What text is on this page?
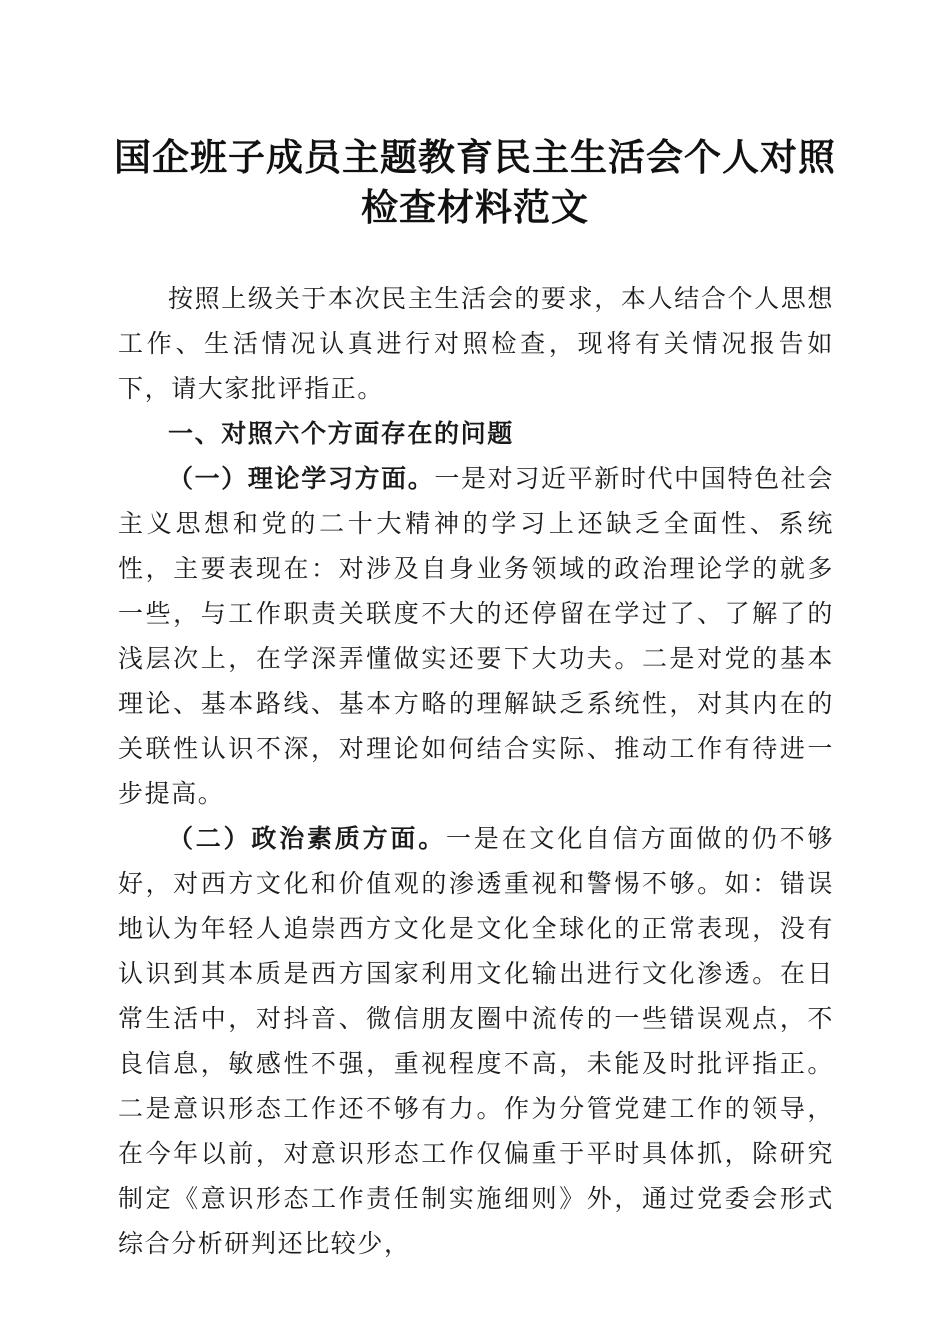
国企班子成员主题教育民主生活会个人对照检查材料范文

按照上级关于本次民主生活会的要求，本人结合个人思想工作、生活情况认真进行对照检查，现将有关情况报告如下，请大家批评指正。

一、对照六个方面存在的问题

（一）理论学习方面。一是对习近平新时代中国特色社会主义思想和党的二十大精神的学习上还缺乏全面性、系统性，主要表现在：对涉及自身业务领域的政治理论学的就多一些，与工作职责关联度不大的还停留在学过了、了解了的浅层次上，在学深弄懂做实还要下大功夫。二是对党的基本理论、基本路线、基本方略的理解缺乏系统性，对其内在的关联性认识不深，对理论如何结合实际、推动工作有待进一步提高。

（二）政治素质方面。一是在文化自信方面做的仍不够好，对西方文化和价值观的渗透重视和警惕不够。如：错误地认为年轻人追崇西方文化是文化全球化的正常表现，没有认识到其本质是西方国家利用文化输出进行文化渗透。在日常生活中，对抖音、微信朋友圈中流传的一些错误观点，不良信息，敏感性不强，重视程度不高，未能及时批评指正。二是意识形态工作还不够有力。作为分管党建工作的领导，在今年以前，对意识形态工作仅偏重于平时具体抓，除研究制定《意识形态工作责任制实施细则》外，通过党委会形式综合分析研判还比较少，
